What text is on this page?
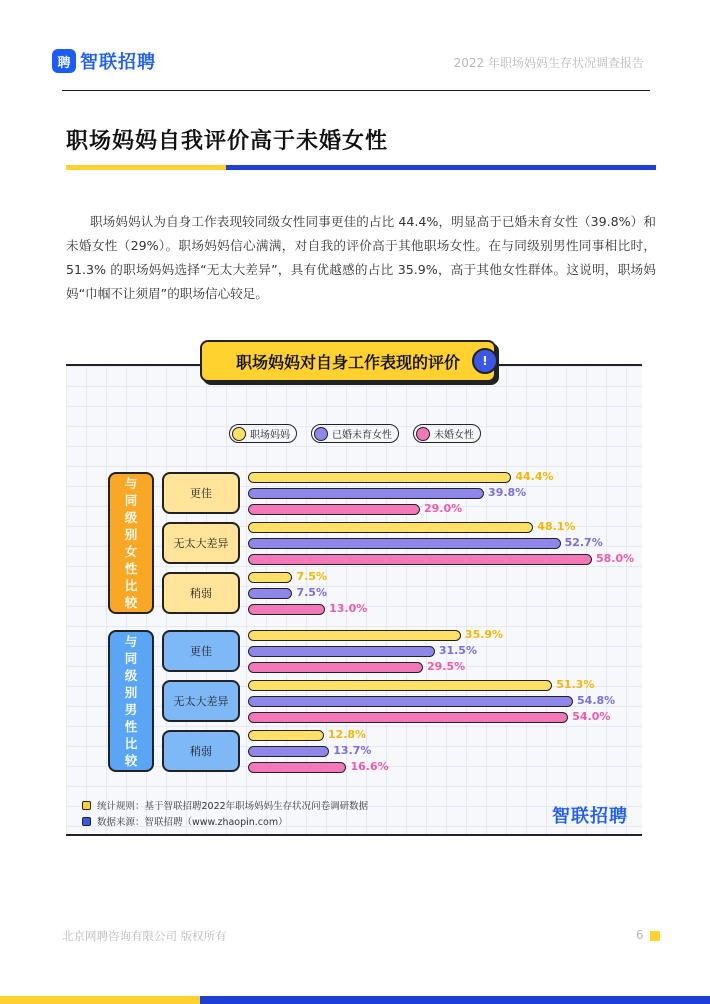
聘 智联招聘	2022 年职场妈妈生存状况调查报告
职场妈妈自我评价高于未婚女性

职场妈妈认为自身工作表现较同级女性同事更佳的占比 44.4%，明显高于已婚未育女性（39.8%）和未婚女性（29%）。职场妈妈信心满满，对自我的评价高于其他职场女性。在与同级别男性同事相比时，51.3% 的职场妈妈选择“无太大差异”，具有优越感的占比 35.9%，高于其他女性群体。这说明，职场妈妈“巾帼不让须眉”的职场信心较足。

职场妈妈对自身工作表现的评价	!
职场妈妈	已婚未育女性	未婚女性
更佳
44.4%
39.8%
29.0%
无太大差异
48.1%
52.7%
58.0%
稍弱
7.5%
7.5%
13.0%
与同级别女性比较
更佳
35.9%
31.5%
29.5%
无太大差异
51.3%
54.8%
54.0%
稍弱
12.8%
13.7%
16.6%
与同级别男性比较
统计规则：基于智联招聘2022年职场妈妈生存状况问卷调研数据
数据来源：智联招聘（www.zhaopin.com）	智联招聘
北京网聘咨询有限公司 版权所有	6
